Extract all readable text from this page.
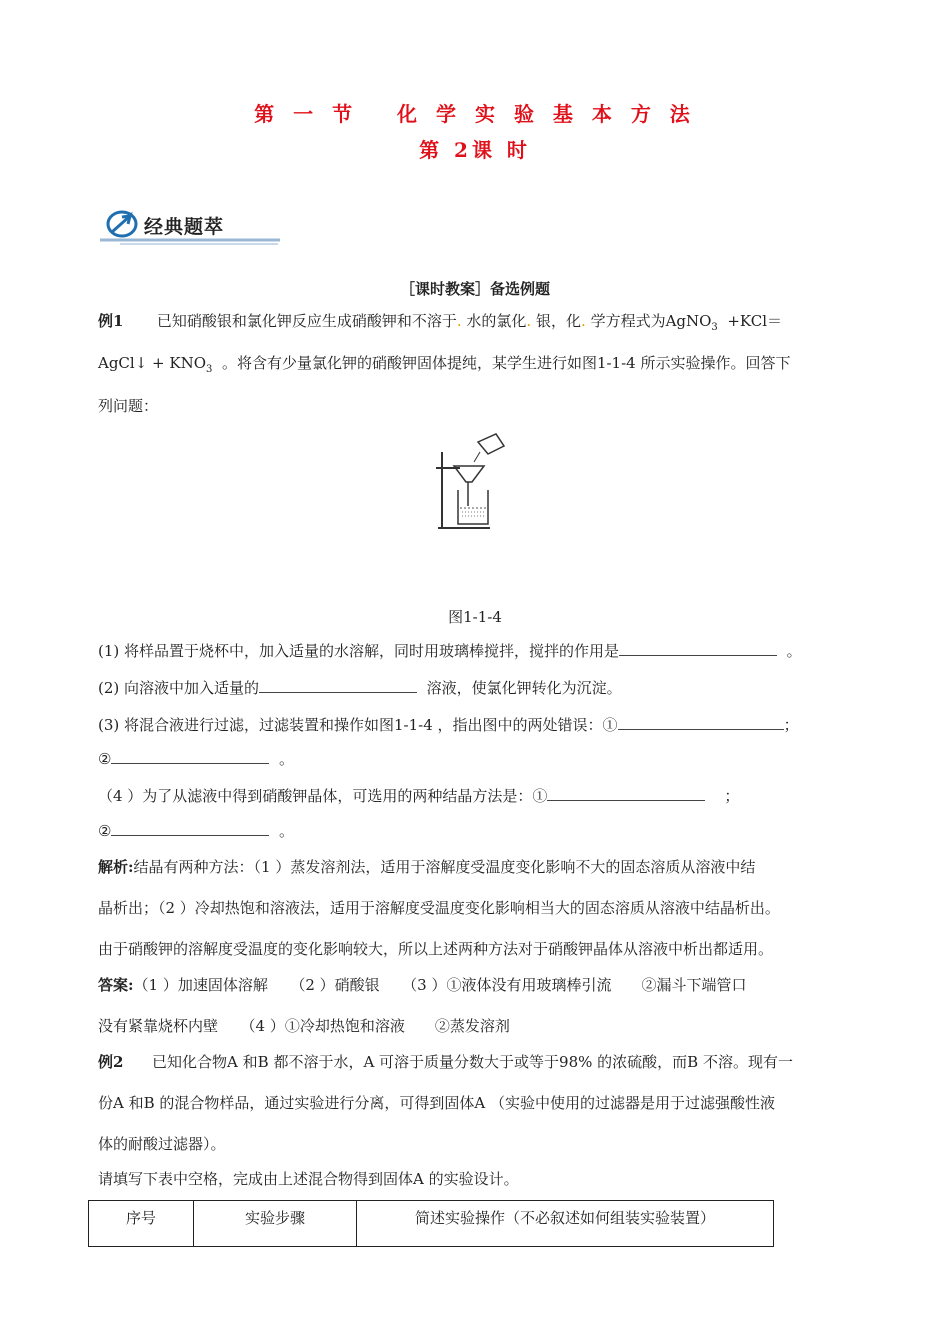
第 一 节　 化 学 实 验 基 本 方 法
第 2课 时
经典题萃
［课时教案］备选例题
例1 已知硝酸银和氯化钾反应生成硝酸钾和不溶于. 水的氯化. 银，化. 学方程式为AgNO$_3$ +KCl＝
AgCl↓ + $KNO_3$ 。将含有少量氯化钾的硝酸钾固体提纯，某学生进行如图1-1-4 所示实验操作。回答下
列问题：
图1-1-4
(1) 将样品置于烧杯中，加入适量的水溶解，同时用玻璃棒搅拌，搅拌的作用是	。
(2) 向溶液中加入适量的	溶液，使氯化钾转化为沉淀。
(3) 将混合液进行过滤，过滤装置和操作如图1-1-4 ，指出图中的两处错误：①	；
②	。
（4 ）为了从滤液中得到硝酸钾晶体，可选用的两种结晶方法是：①	；
②	。
解析:结晶有两种方法：（1 ）蒸发溶剂法，适用于溶解度受温度变化影响不大的固态溶质从溶液中结
晶析出；（2 ）冷却热饱和溶液法，适用于溶解度受温度变化影响相当大的固态溶质从溶液中结晶析出。
由于硝酸钾的溶解度受温度的变化影响较大，所以上述两种方法对于硝酸钾晶体从溶液中析出都适用。
答案:（1 ）加速固体溶解　　（2 ）硝酸银　　（3 ）①液体没有用玻璃棒引流　　②漏斗下端管口
没有紧靠烧杯内壁　　（4 ）①冷却热饱和溶液　　②蒸发溶剂
例2 已知化合物A 和B 都不溶于水，A 可溶于质量分数大于或等于98% 的浓硫酸，而B 不溶。现有一
份A 和B 的混合物样品，通过实验进行分离，可得到固体A （实验中使用的过滤器是用于过滤强酸性液
体的耐酸过滤器）。
请填写下表中空格，完成由上述混合物得到固体A 的实验设计。
序号	实验步骤	简述实验操作（不必叙述如何组装实验装置）
